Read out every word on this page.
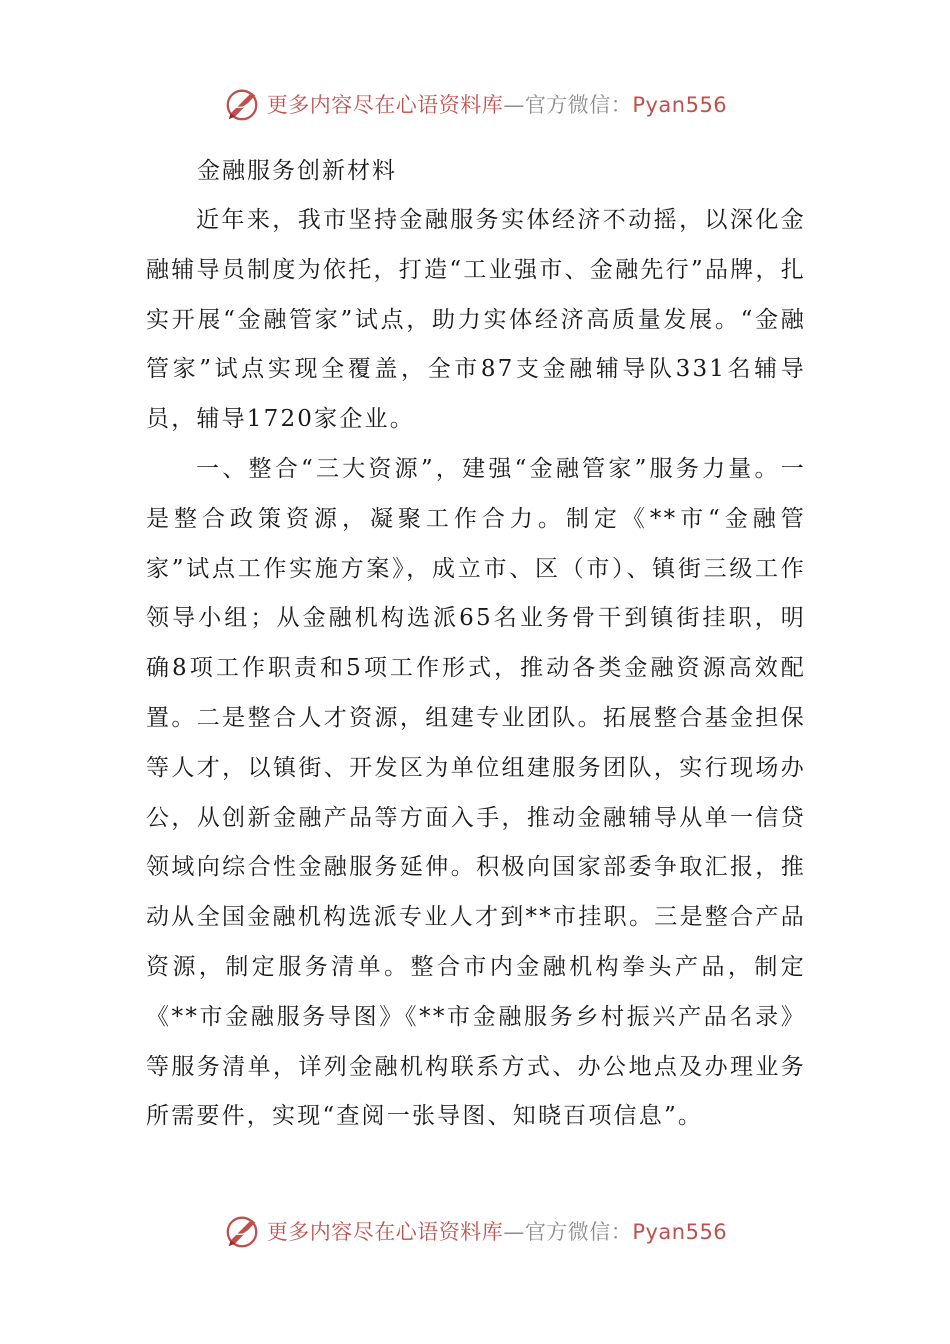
更多内容尽在心语资料库—官方微信：Pyan556
金融服务创新材料

近年来，我市坚持金融服务实体经济不动摇，以深化金融辅导员制度为依托，打造“工业强市、金融先行”品牌，扎实开展“金融管家”试点，助力实体经济高质量发展。“金融管家”试点实现全覆盖，全市87支金融辅导队331名辅导员，辅导1720家企业。

一、整合“三大资源”，建强“金融管家”服务力量。一是整合政策资源，凝聚工作合力。制定《**市“金融管家”试点工作实施方案》，成立市、区（市）、镇街三级工作领导小组；从金融机构选派65名业务骨干到镇街挂职，明确8项工作职责和5项工作形式，推动各类金融资源高效配置。二是整合人才资源，组建专业团队。拓展整合基金担保等人才，以镇街、开发区为单位组建服务团队，实行现场办公，从创新金融产品等方面入手，推动金融辅导从单一信贷领域向综合性金融服务延伸。积极向国家部委争取汇报，推动从全国金融机构选派专业人才到**市挂职。三是整合产品资源，制定服务清单。整合市内金融机构拳头产品，制定《**市金融服务导图》《**市金融服务乡村振兴产品名录》等服务清单，详列金融机构联系方式、办公地点及办理业务所需要件，实现“查阅一张导图、知晓百项信息”。

更多内容尽在心语资料库—官方微信：Pyan556
